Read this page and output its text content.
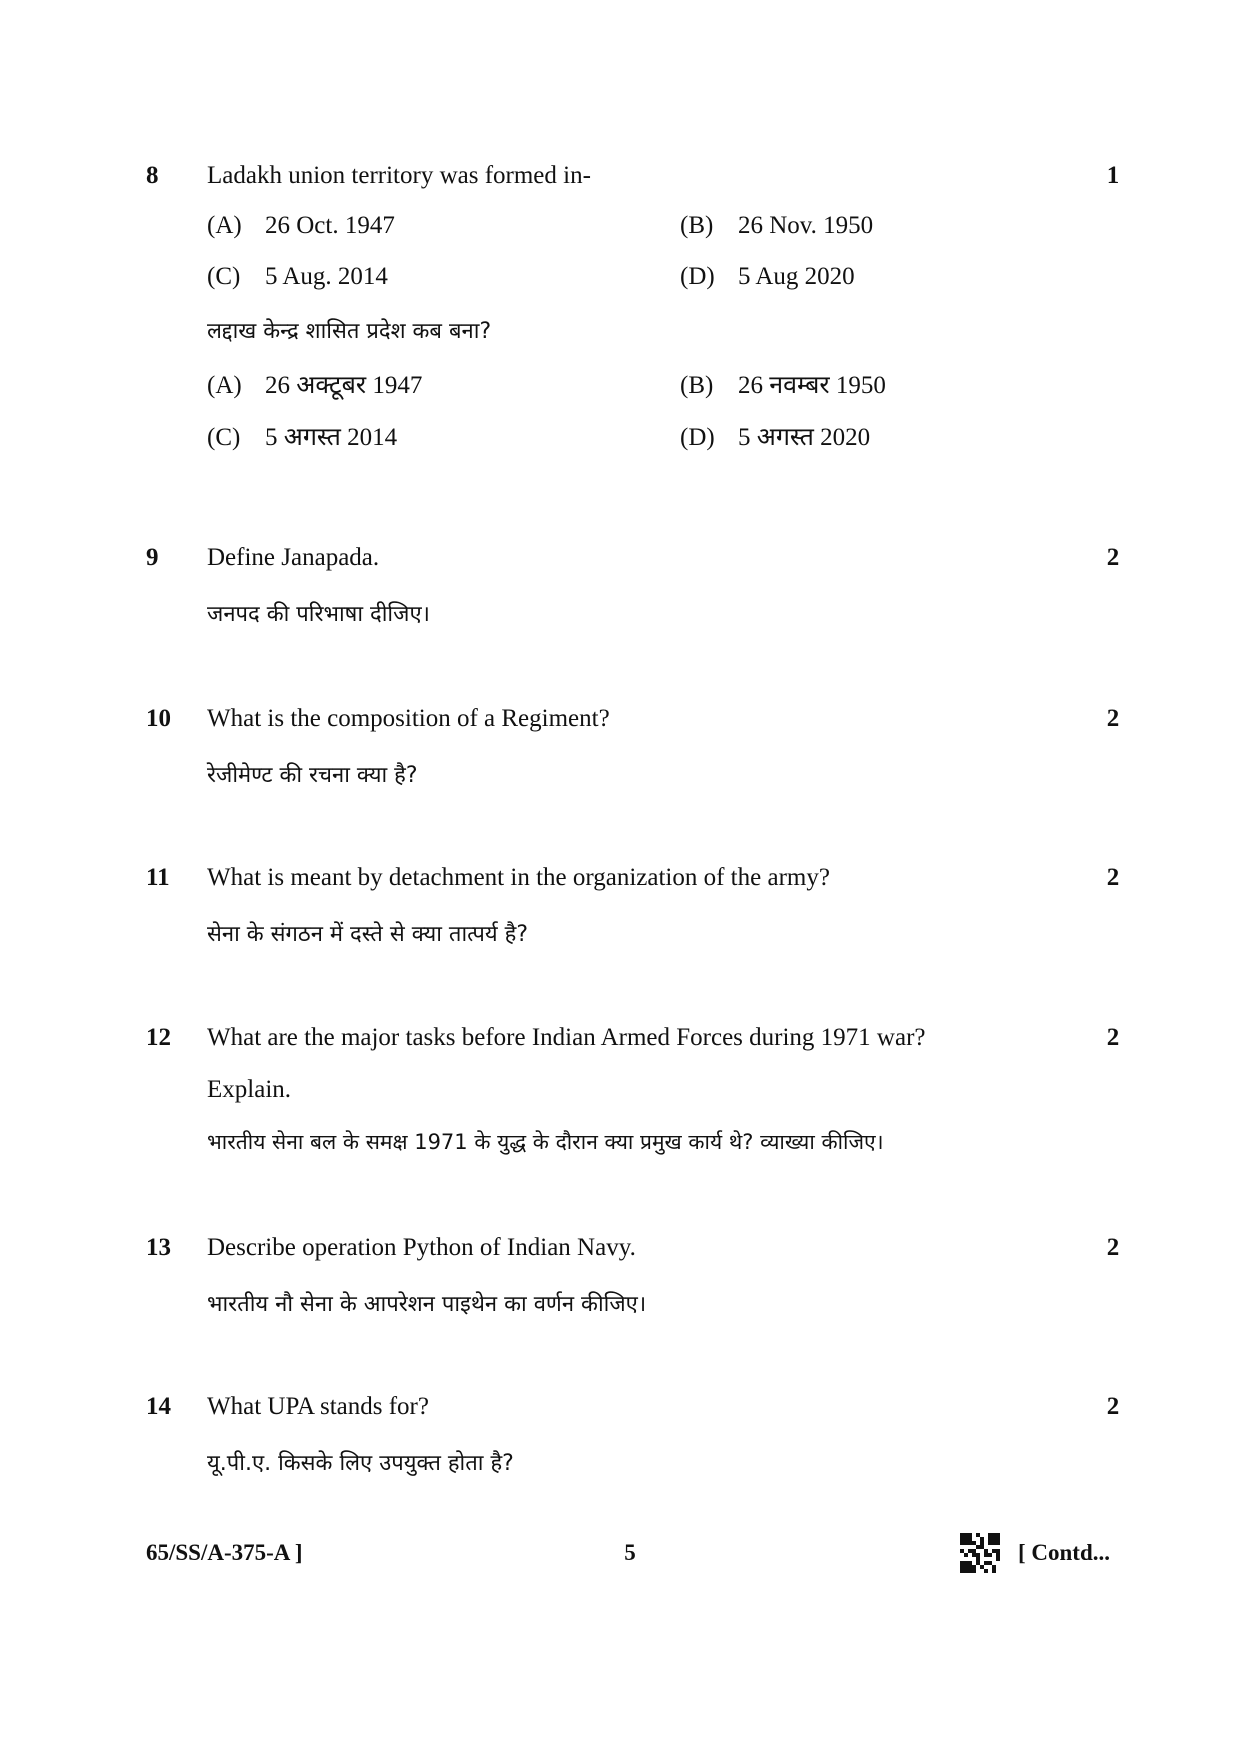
8 Ladakh union territory was formed in-	1
(A) 26 Oct. 1947	(B) 26 Nov. 1950
(C) 5 Aug. 2014	(D) 5 Aug 2020
लद्दाख केन्द्र शासित प्रदेश कब बना?
(A) 26 अक्टूबर 1947	(B) 26 नवम्बर 1950
(C) 5 अगस्त 2014	(D) 5 अगस्त 2020
9 Define Janapada.	2
जनपद की परिभाषा दीजिए।
10 What is the composition of a Regiment?	2
रेजीमेण्ट की रचना क्या है?
11 What is meant by detachment in the organization of the army?	2
सेना के संगठन में दस्ते से क्या तात्पर्य है?
12 What are the major tasks before Indian Armed Forces during 1971 war?	2
Explain.
भारतीय सेना बल के समक्ष 1971 के युद्ध के दौरान क्या प्रमुख कार्य थे? व्याख्या कीजिए।
13 Describe operation Python of Indian Navy.	2
भारतीय नौ सेना के आपरेशन पाइथेन का वर्णन कीजिए।
14 What UPA stands for?	2
यू.पी.ए. किसके लिए उपयुक्त होता है?
65/SS/A-375-A ]	5	[ Contd...
